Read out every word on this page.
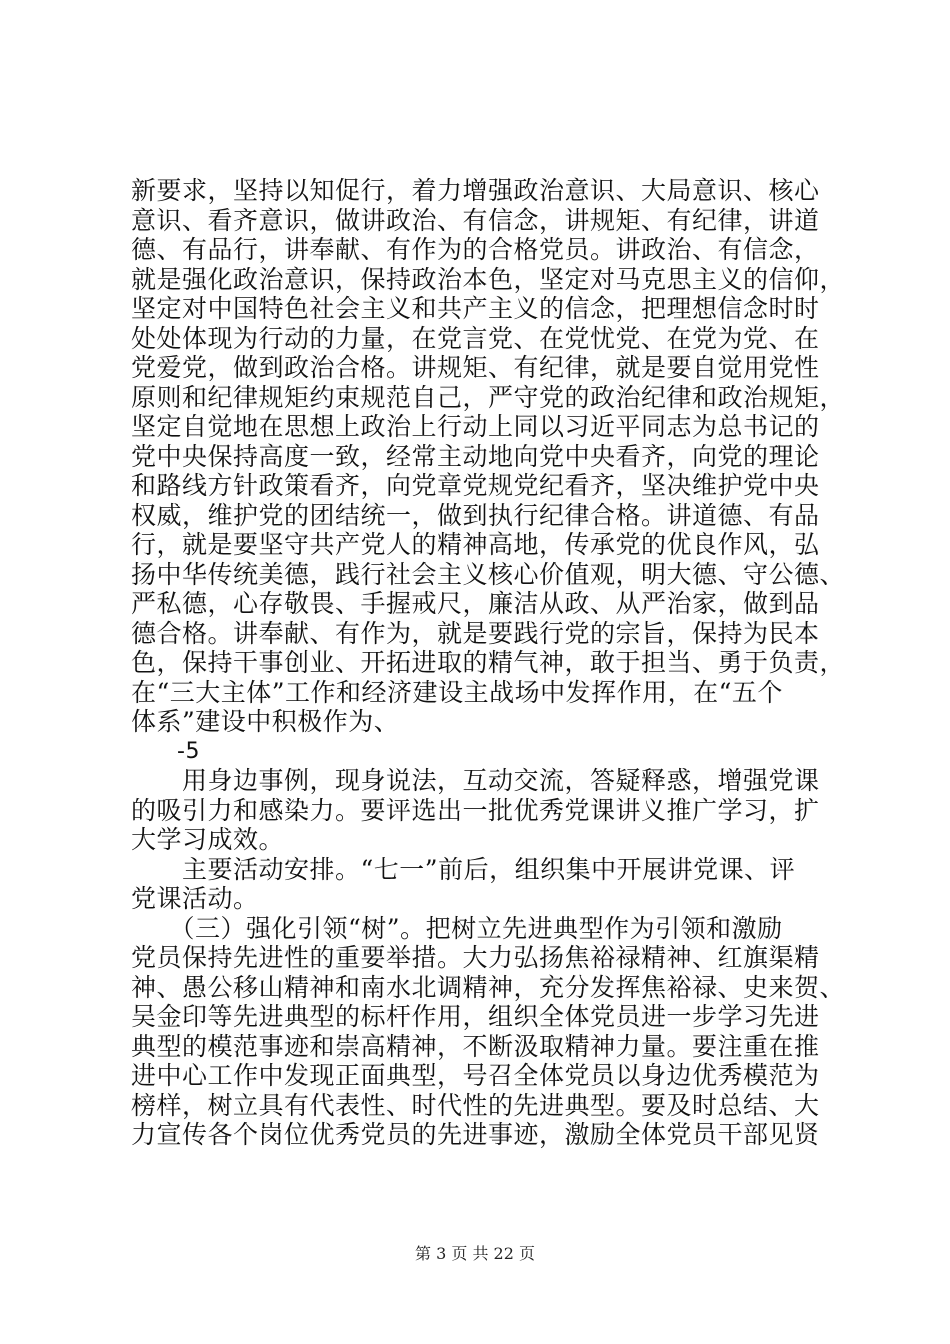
新要求，坚持以知促行，着力增强政治意识、大局意识、核心
意识、看齐意识，做讲政治、有信念，讲规矩、有纪律，讲道
德、有品行，讲奉献、有作为的合格党员。讲政治、有信念，
就是强化政治意识，保持政治本色，坚定对马克思主义的信仰，
坚定对中国特色社会主义和共产主义的信念，把理想信念时时
处处体现为行动的力量，在党言党、在党忧党、在党为党、在
党爱党，做到政治合格。讲规矩、有纪律，就是要自觉用党性
原则和纪律规矩约束规范自己，严守党的政治纪律和政治规矩，
坚定自觉地在思想上政治上行动上同以习近平同志为总书记的
党中央保持高度一致，经常主动地向党中央看齐，向党的理论
和路线方针政策看齐，向党章党规党纪看齐，坚决维护党中央
权威，维护党的团结统一，做到执行纪律合格。讲道德、有品
行，就是要坚守共产党人的精神高地，传承党的优良作风，弘
扬中华传统美德，践行社会主义核心价值观，明大德、守公德、
严私德，心存敬畏、手握戒尺，廉洁从政、从严治家，做到品
德合格。讲奉献、有作为，就是要践行党的宗旨，保持为民本
色，保持干事创业、开拓进取的精气神，敢于担当、勇于负责，
在“三大主体”工作和经济建设主战场中发挥作用，在“五个
体系”建设中积极作为、
-5
　　用身边事例，现身说法，互动交流，答疑释惑，增强党课
的吸引力和感染力。要评选出一批优秀党课讲义推广学习，扩
大学习成效。
　　主要活动安排。“七一”前后，组织集中开展讲党课、评
党课活动。
　　（三）强化引领“树”。把树立先进典型作为引领和激励
党员保持先进性的重要举措。大力弘扬焦裕禄精神、红旗渠精
神、愚公移山精神和南水北调精神，充分发挥焦裕禄、史来贺、
吴金印等先进典型的标杆作用，组织全体党员进一步学习先进
典型的模范事迹和崇高精神，不断汲取精神力量。要注重在推
进中心工作中发现正面典型，号召全体党员以身边优秀模范为
榜样，树立具有代表性、时代性的先进典型。要及时总结、大
力宣传各个岗位优秀党员的先进事迹，激励全体党员干部见贤
第 3 页 共 22 页
